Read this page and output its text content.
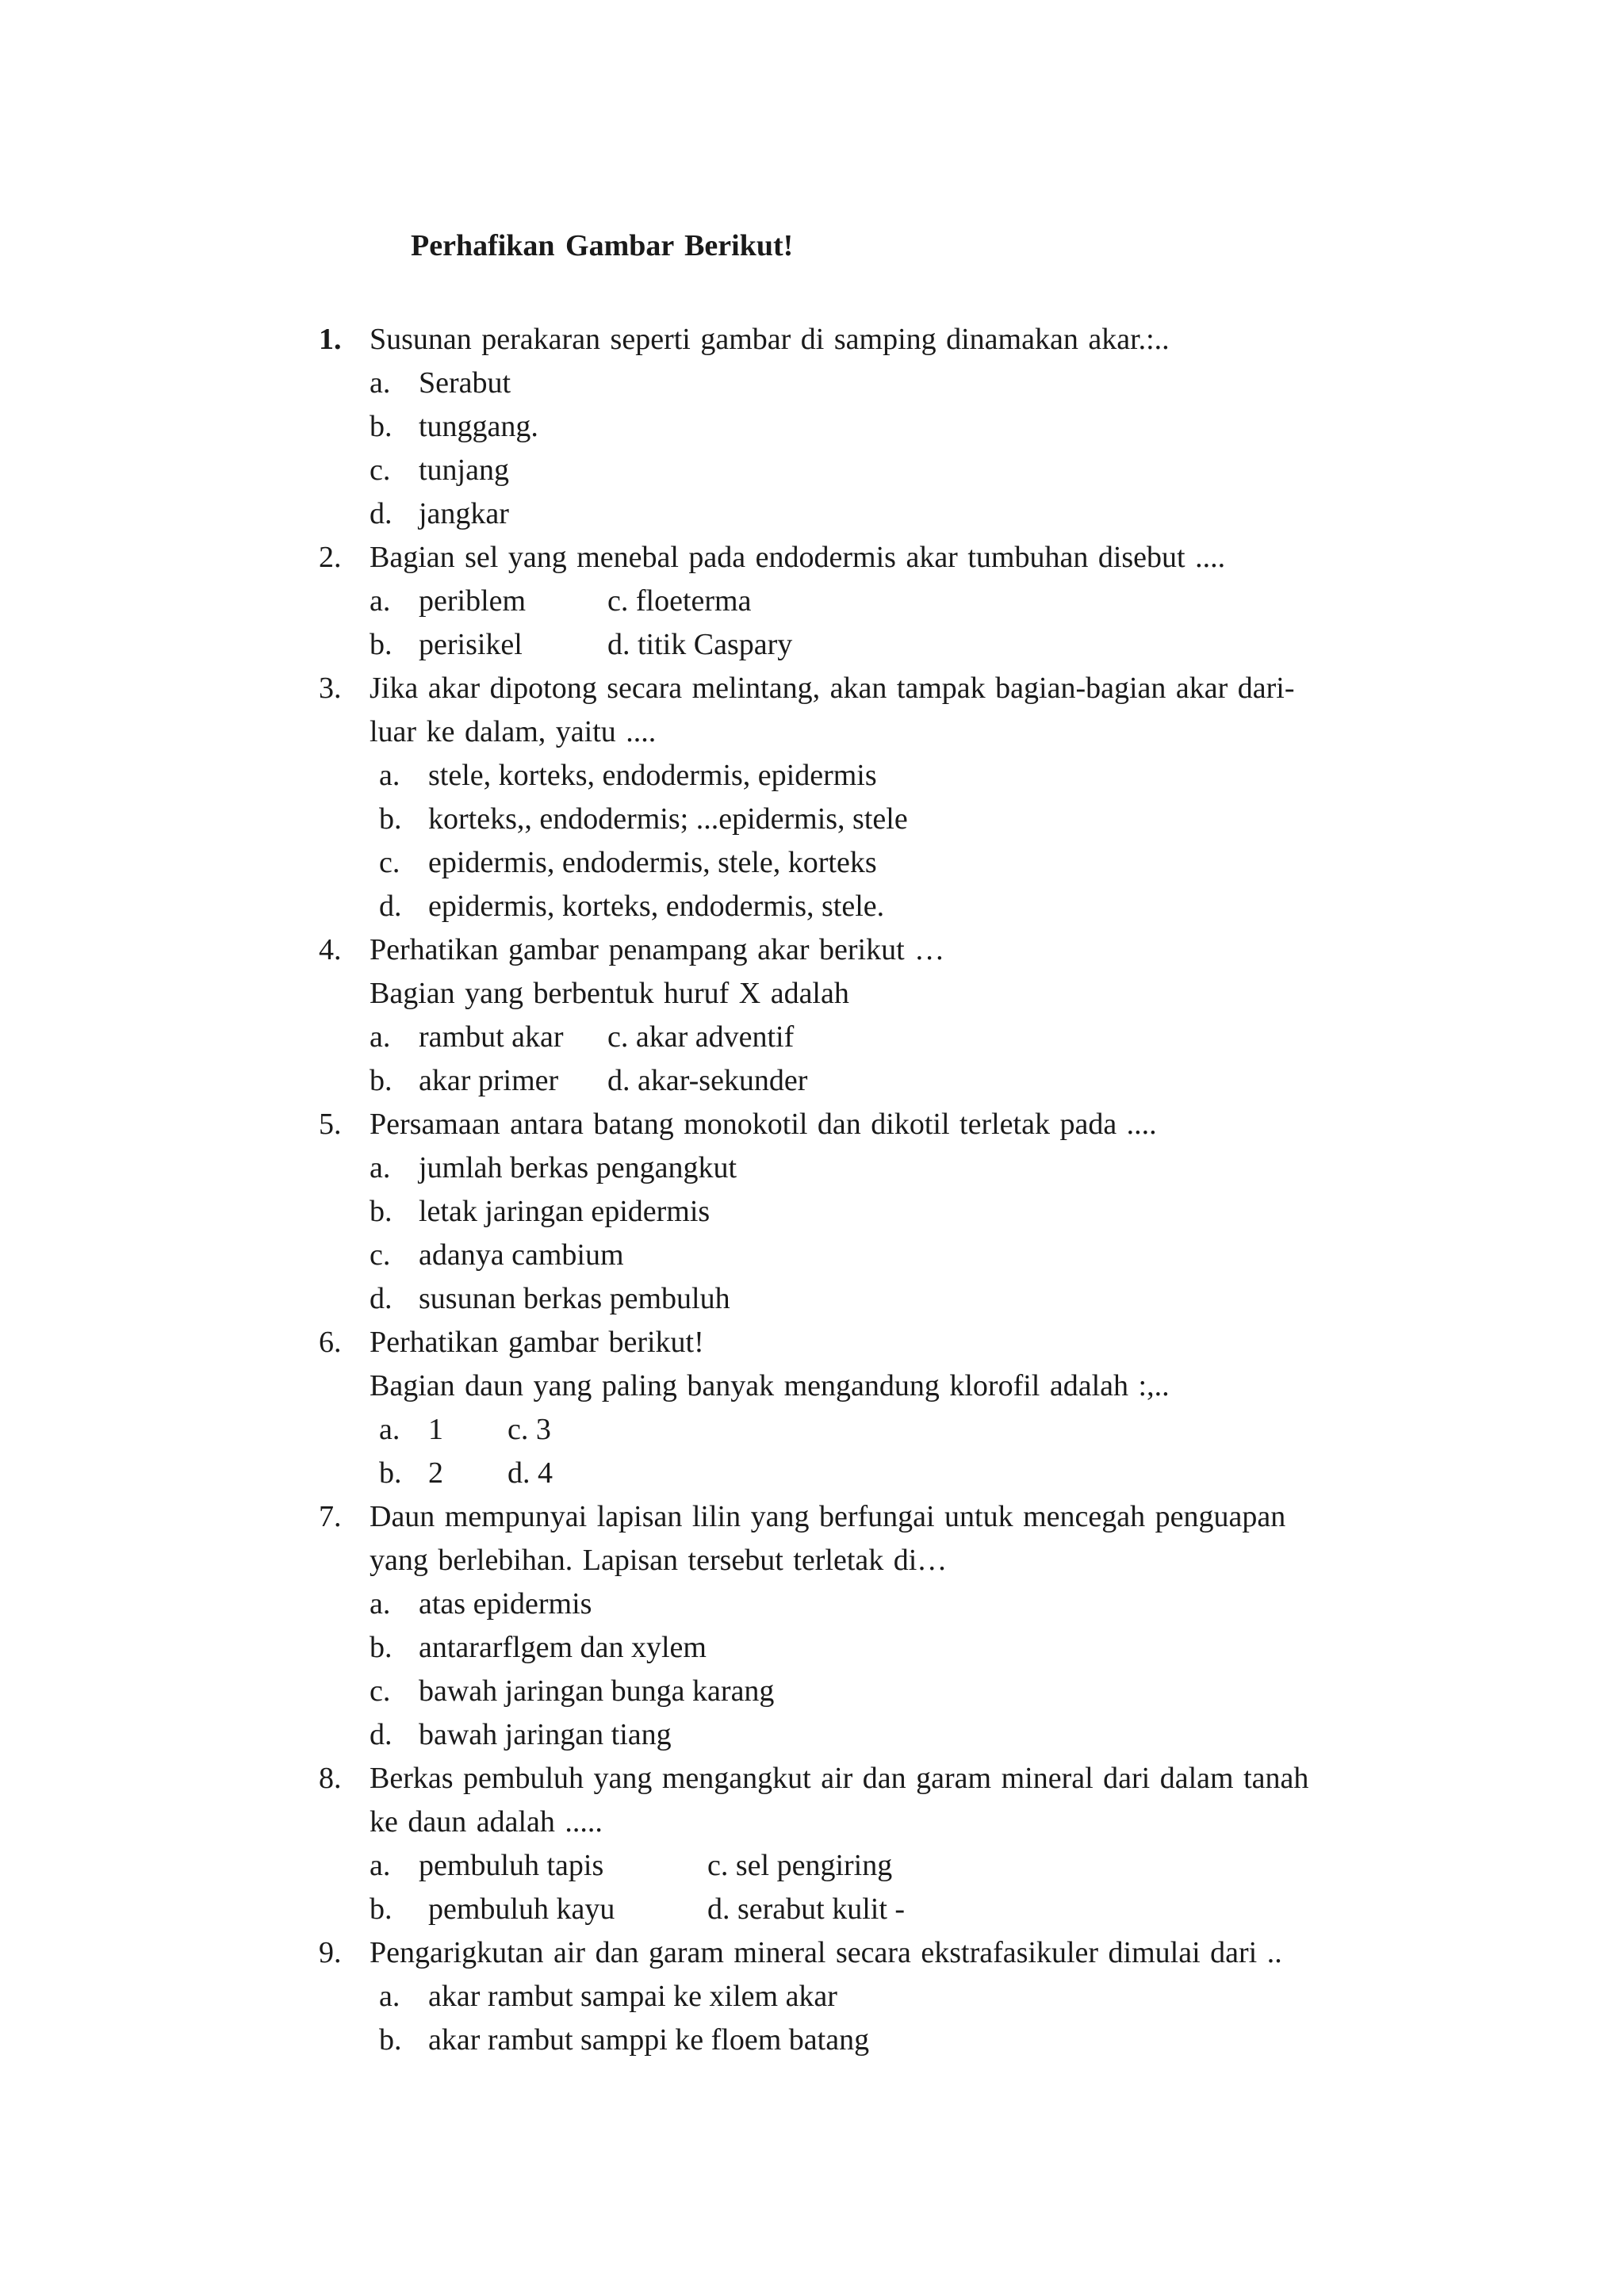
Perhafikan Gambar Berikut!
1. Susunan perakaran seperti gambar di samping dinamakan akar.:..
a. Serabut
b. tunggang.
c. tunjang
d. jangkar
2. Bagian sel yang menebal pada endodermis akar tumbuhan disebut ....
a. periblem	c. floeterma
b. perisikel	d. titik Caspary
3. Jika akar dipotong secara melintang, akan tampak bagian-bagian akar dari-
luar ke dalam, yaitu ....
a. stele, korteks, endodermis, epidermis
b. korteks,, endodermis; ...epidermis, stele
c. epidermis, endodermis, stele, korteks
d. epidermis, korteks, endodermis, stele.
4. Perhatikan gambar penampang akar berikut …
Bagian yang berbentuk huruf X adalah
a. rambut akar c. akar adventif
b. akar primer d. akar-sekunder
5. Persamaan antara batang monokotil dan dikotil terletak pada ....
a. jumlah berkas pengangkut
b. letak jaringan epidermis
c. adanya cambium
d. susunan berkas pembuluh
6. Perhatikan gambar berikut!
Bagian daun yang paling banyak mengandung klorofil adalah :,..
a. 1 c. 3
b. 2 d. 4
7. Daun mempunyai lapisan lilin yang berfungai untuk mencegah penguapan
yang berlebihan. Lapisan tersebut terletak di…
a. atas epidermis
b. antararflgem dan xylem
c. bawah jaringan bunga karang
d. bawah jaringan tiang
8. Berkas pembuluh yang mengangkut air dan garam mineral dari dalam tanah
ke daun adalah .....
a. pembuluh tapis	c. sel pengiring
b. pembuluh kayu	d. serabut kulit -
9. Pengarigkutan air dan garam mineral secara ekstrafasikuler dimulai dari ..
a. akar rambut sampai ke xilem akar
b. akar rambut samppi ke floem batang
